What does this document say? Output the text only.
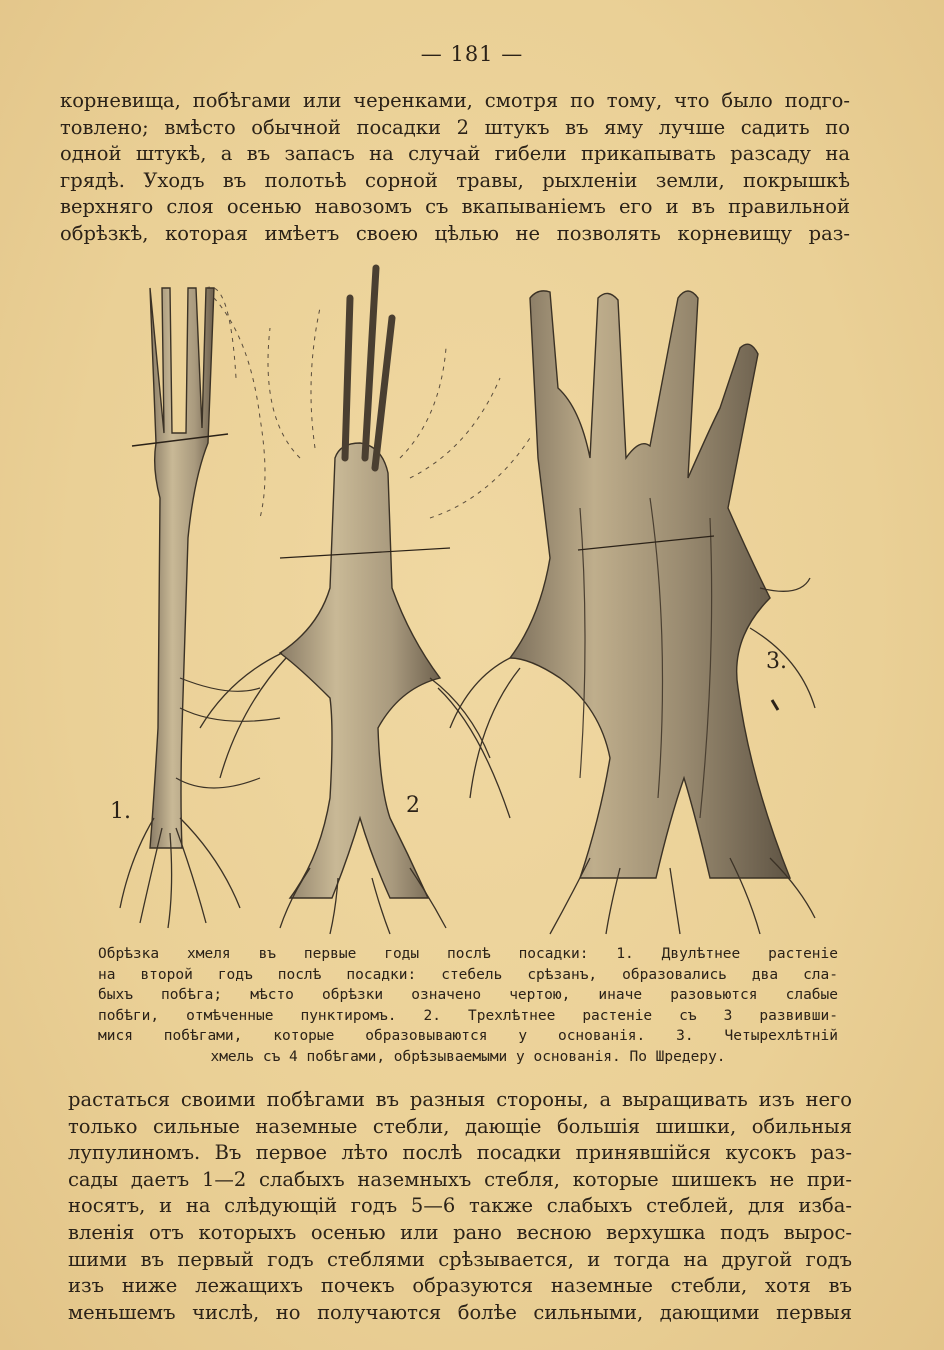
— 181 —
корневища, побѣгами или черенками, смотря по тому, что было подго-
товлено; вмѣсто обычной посадки 2 штукъ въ яму лучше садить по
одной штукѣ, а въ запасъ на случай гибели прикапывать разсаду на
грядѣ. Уходъ въ полотьѣ сорной травы, рыхленіи земли, покрышкѣ
верхняго слоя осенью навозомъ съ вкапываніемъ его и въ правильной
обрѣзкѣ, которая имѣетъ своею цѣлью не позволять корневищу раз-
1.	2
3.
Обрѣзка хмеля въ первые годы послѣ посадки: 1. Двулѣтнее растеніе
на второй годъ послѣ посадки: стебель срѣзанъ, образовались два сла-
быхъ побѣга; мѣсто обрѣзки означено чертою, иначе разовьются слабые
побѣги, отмѣченные пунктиромъ. 2. Трехлѣтнее растеніе съ 3 развивши-
мися побѣгами, которые образовываются у основанія. 3. Четырехлѣтній
хмель съ 4 побѣгами, обрѣзываемыми у основанія. По Шредеру.
растаться своими побѣгами въ разныя стороны, а выращивать изъ него
только сильные наземные стебли, дающіе большія шишки, обильныя
лупулиномъ. Въ первое лѣто послѣ посадки принявшійся кусокъ раз-
сады даетъ 1—2 слабыхъ наземныхъ стебля, которые шишекъ не при-
носятъ, и на слѣдующій годъ 5—6 также слабыхъ стеблей, для изба-
вленія отъ которыхъ осенью или рано весною верхушка подъ вырос-
шими въ первый годъ стеблями срѣзывается, и тогда на другой годъ
изъ ниже лежащихъ почекъ образуются наземные стебли, хотя въ
меньшемъ числѣ, но получаются болѣе сильными, дающими первыя
